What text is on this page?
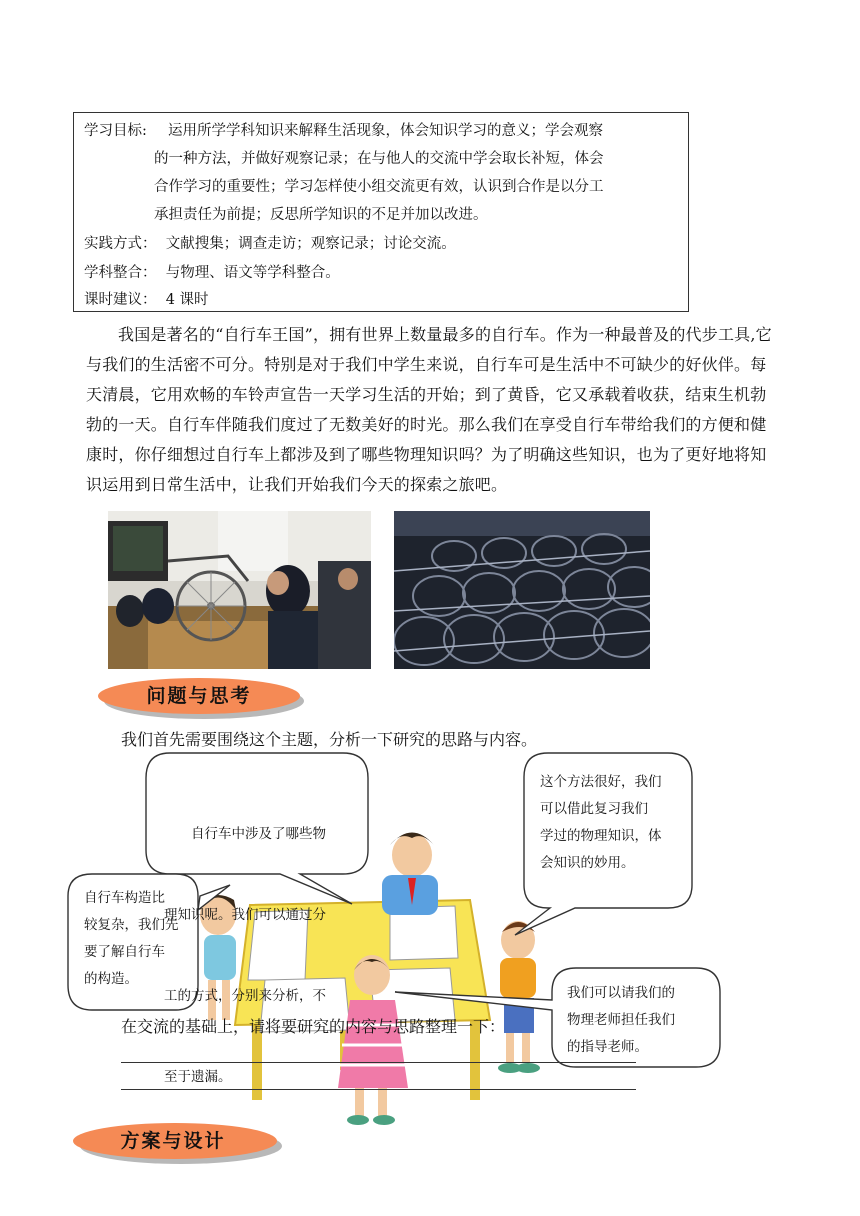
学习目标: 运用所学学科知识来解释生活现象，体会知识学习的意义；学会观察
的一种方法，并做好观察记录；在与他人的交流中学会取长补短，体会
合作学习的重要性；学习怎样使小组交流更有效，认识到合作是以分工
承担责任为前提；反思所学知识的不足并加以改进。
实践方式：  文献搜集；调查走访；观察记录；讨论交流。
学科整合：  与物理、语文等学科整合。
课时建议：  4 课时
我国是著名的“自行车王国”，拥有世界上数量最多的自行车。作为一种最普及的代步工具,它与我们的生活密不可分。特别是对于我们中学生来说，自行车可是生活中不可缺少的好伙伴。每天清晨，它用欢畅的车铃声宣告一天学习生活的开始；到了黄昏，它又承载着收获，结束生机勃勃的一天。自行车伴随我们度过了无数美好的时光。那么我们在享受自行车带给我们的方便和健康时，你仔细想过自行车上都涉及到了哪些物理知识吗？为了明确这些知识，也为了更好地将知识运用到日常生活中，让我们开始我们今天的探索之旅吧。
问题与思考
我们首先需要围绕这个主题，分析一下研究的思路与内容。

　　自行车中涉及了哪些物

理知识呢。我们可以通过分

工的方式，分别来分析，不

至于遗漏。

这个方法很好，我们
可以借此复习我们
学过的物理知识，体
会知识的妙用。
自行车构造比
较复杂，我们先
要了解自行车
的构造。
我们可以请我们的
物理老师担任我们
的指导老师。
在交流的基础上，请将要研究的内容与思路整理一下：
方案与设计
